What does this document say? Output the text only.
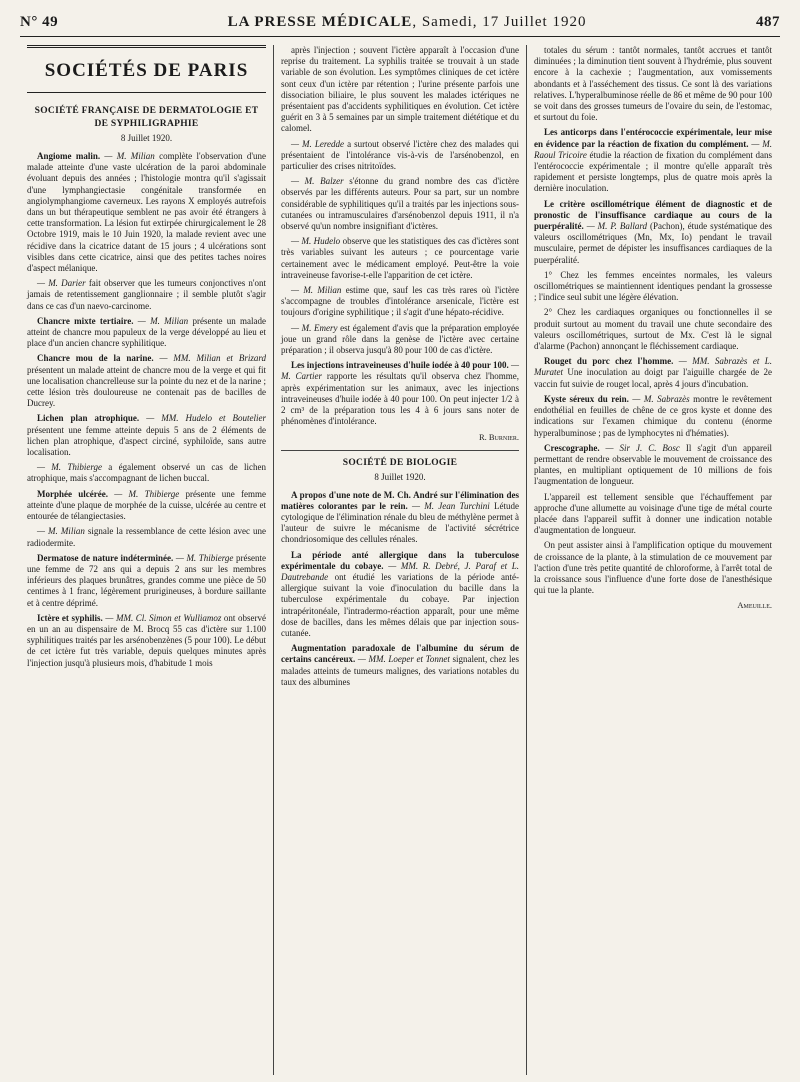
N° 49	LA PRESSE MÉDICALE, Samedi, 17 Juillet 1920	487
SOCIÉTÉS DE PARIS
SOCIÉTÉ FRANÇAISE DE DERMATOLOGIE ET DE SYPHILIGRAPHIE
8 Juillet 1920.

Angiome malin. — M. Milian complète l'observation d'une malade atteinte d'une vaste ulcération de la paroi abdominale évoluant depuis des années ; l'histologie montra qu'il s'agissait d'une lymphangiectasie congénitale transformée en angiolymphangiome caverneux. Les rayons X employés autrefois dans un but thérapeutique semblent ne pas avoir été étrangers à cette transformation. La lésion fut extirpée chirurgicalement le 28 Octobre 1919, mais le 10 Juin 1920, la malade revient avec une récidive dans la cicatrice datant de 15 jours ; 4 ulcérations sont visibles dans cette cicatrice, ainsi que des petites taches noires d'aspect mélanique.

— M. Darier fait observer que les tumeurs conjonctives n'ont jamais de retentissement ganglionnaire ; il semble plutôt s'agir dans ce cas d'un naevo-carcinome.

Chancre mixte tertiaire. — M. Milian présente un malade atteint de chancre mou papuleux de la verge développé au lieu et place d'un ancien chancre syphilitique.

Chancre mou de la narine. — MM. Milian et Brizard présentent un malade atteint de chancre mou de la verge et qui fit une localisation chancrelleuse sur la pointe du nez et de la narine ; cette lésion très douloureuse ne contenait pas de bacilles de Ducrey.

Lichen plan atrophique. — MM. Hudelo et Boutelier présentent une femme atteinte depuis 5 ans de 2 éléments de lichen plan atrophique, d'aspect circiné, syphiloïde, sans autre localisation.

— M. Thibierge a également observé un cas de lichen atrophique, mais s'accompagnant de lichen buccal.

Morphée ulcérée. — M. Thibierge présente une femme atteinte d'une plaque de morphée de la cuisse, ulcérée au centre et entourée de télangiectasies.

— M. Milian signale la ressemblance de cette lésion avec une radiodermite.

Dermatose de nature indéterminée. — M. Thibierge présente une femme de 72 ans qui a depuis 2 ans sur les membres inférieurs des plaques brunâtres, grandes comme une pièce de 50 centimes à 1 franc, légèrement prurigineuses, à bordure saillante et à centre déprimé.

Ictère et syphilis. — MM. Cl. Simon et Wulliamoz ont observé en un an au dispensaire de M. Brocq 55 cas d'ictère sur 1.100 syphilitiques traités par les arsénobenzènes (5 pour 100). Le début de cet ictère fut très variable, depuis quelques minutes après l'injection jusqu'à plusieurs mois, d'habitude 1 mois

après l'injection ; souvent l'ictère apparaît à l'occasion d'une reprise du traitement. La syphilis traitée se trouvait à un stade variable de son évolution. Les symptômes cliniques de cet ictère sont ceux d'un ictère par rétention ; l'urine présente parfois une dissociation biliaire, le plus souvent les malades ictériques ne présentaient pas d'accidents syphilitiques en évolution. Cet ictère guérit en 3 à 5 semaines par un simple traitement diététique et du calomel.

— M. Leredde a surtout observé l'ictère chez des malades qui présentaient de l'intolérance vis-à-vis de l'arsénobenzol, en particulier des crises nitritoïdes.

— M. Balzer s'étonne du grand nombre des cas d'ictère observés par les différents auteurs. Pour sa part, sur un nombre considérable de syphilitiques qu'il a traités par les injections sous-cutanées ou intramusculaires d'arsénobenzol depuis 1911, il n'a observé qu'un nombre insignifiant d'ictères.

— M. Hudelo observe que les statistiques des cas d'ictères sont très variables suivant les auteurs ; ce pourcentage varie certainement avec le médicament employé. Peut-être la voie intraveineuse favorise-t-elle l'apparition de cet ictère.

— M. Milian estime que, sauf les cas très rares où l'ictère s'accompagne de troubles d'intolérance arsenicale, l'ictère est toujours d'origine syphilitique ; il s'agit d'une hépato-récidive.

— M. Emery est également d'avis que la préparation employée joue un grand rôle dans la genèse de l'ictère avec certaine préparation ; il observa jusqu'à 80 pour 100 de cas d'ictère.

Les injections intraveineuses d'huile iodée à 40 pour 100. — M. Cartier rapporte les résultats qu'il observa chez l'homme, après expérimentation sur les animaux, avec les injections intraveineuses d'huile iodée à 40 pour 100. On peut injecter 1/2 à 2 cm³ de la préparation tous les 4 à 6 jours sans noter de phénomènes d'intolérance.

R. Burnier.
SOCIÉTÉ DE BIOLOGIE
8 Juillet 1920.

A propos d'une note de M. Ch. André sur l'élimination des matières colorantes par le rein. — M. Jean Turchini Létude cytologique de l'élimination rénale du bleu de méthylène permet à l'auteur de suivre le mécanisme de l'activité sécrétrice chondriosomique des cellules rénales.

La période anté allergique dans la tuberculose expérimentale du cobaye. — MM. R. Debré, J. Paraf et L. Dautrebande ont étudié les variations de la période anté-allergique suivant la voie d'inoculation du bacille dans la tuberculose expérimentale du cobaye. Par injection intrapéritonéale, l'intradermo-réaction apparaît, pour une même dose de bacilles, dans les mêmes délais que par injection sous-cutanée.

Augmentation paradoxale de l'albumine du sérum de certains cancéreux. — MM. Loeper et Tonnet signalent, chez les malades atteints de tumeurs malignes, des variations notables du taux des albumines

totales du sérum : tantôt normales, tantôt accrues et tantôt diminuées ; la diminution tient souvent à l'hydrémie, plus souvent encore à la cachexie ; l'augmentation, aux vomissements abondants et à l'asséchement des tissus. Ce sont là des variations relatives. L'hyperalbuminose réelle de 86 et même de 90 pour 100 se voit dans des grosses tumeurs de l'ovaire du sein, de l'estomac, et surtout du foie.

Les anticorps dans l'entérococcie expérimentale, leur mise en évidence par la réaction de fixation du complément. — M. Raoul Tricoire étudie la réaction de fixation du complément dans l'entérococcie expérimentale ; il montre qu'elle apparaît très rapidement et persiste longtemps, plus de quatre mois après la dernière inoculation.

Le critère oscillométrique élément de diagnostic et de pronostic de l'insuffisance cardiaque au cours de la puerpéralité. — M. P. Ballard (Pachon), étude systématique des valeurs oscillométriques (Mn, Mx, Io) pendant le travail musculaire, permet de dépister les insuffisances cardiaques de la puerpéralité.

1° Chez les femmes enceintes normales, les valeurs oscillométriques se maintiennent identiques pendant la grossesse ; l'indice seul subit une légère élévation.

2° Chez les cardiaques organiques ou fonctionnelles il se produit surtout au moment du travail une chute secondaire des valeurs oscillométriques, surtout de Mx. C'est là le signal d'alarme (Pachon) annonçant le fléchissement cardiaque.

Rouget du porc chez l'homme. — MM. Sabrazès et L. Muratet Une inoculation au doigt par l'aiguille chargée de 2e vaccin fut suivie de rouget local, après 4 jours d'incubation.

Kyste séreux du rein. — M. Sabrazès montre le revêtement endothélial en feuilles de chêne de ce gros kyste et donne des indications sur l'examen chimique du contenu (énorme hyperalbuminose ; pas de lymphocytes ni d'hématies).

Crescographe. — Sir J. C. Bosc Il s'agit d'un appareil permettant de rendre observable le mouvement de croissance des plantes, en multipliant optiquement de 10 millions de fois l'augmentation de longueur.

L'appareil est tellement sensible que l'échauffement par approche d'une allumette au voisinage d'une tige de métal courte placée dans l'appareil suffit à donner une indication notable d'augmentation de longueur.

On peut assister ainsi à l'amplification optique du mouvement de croissance de la plante, à la stimulation de ce mouvement par l'action d'une très petite quantité de chloroforme, à l'arrêt total de la croissance sous l'influence d'une forte dose de l'anesthésique qui tue la plante.

Ameuille.
